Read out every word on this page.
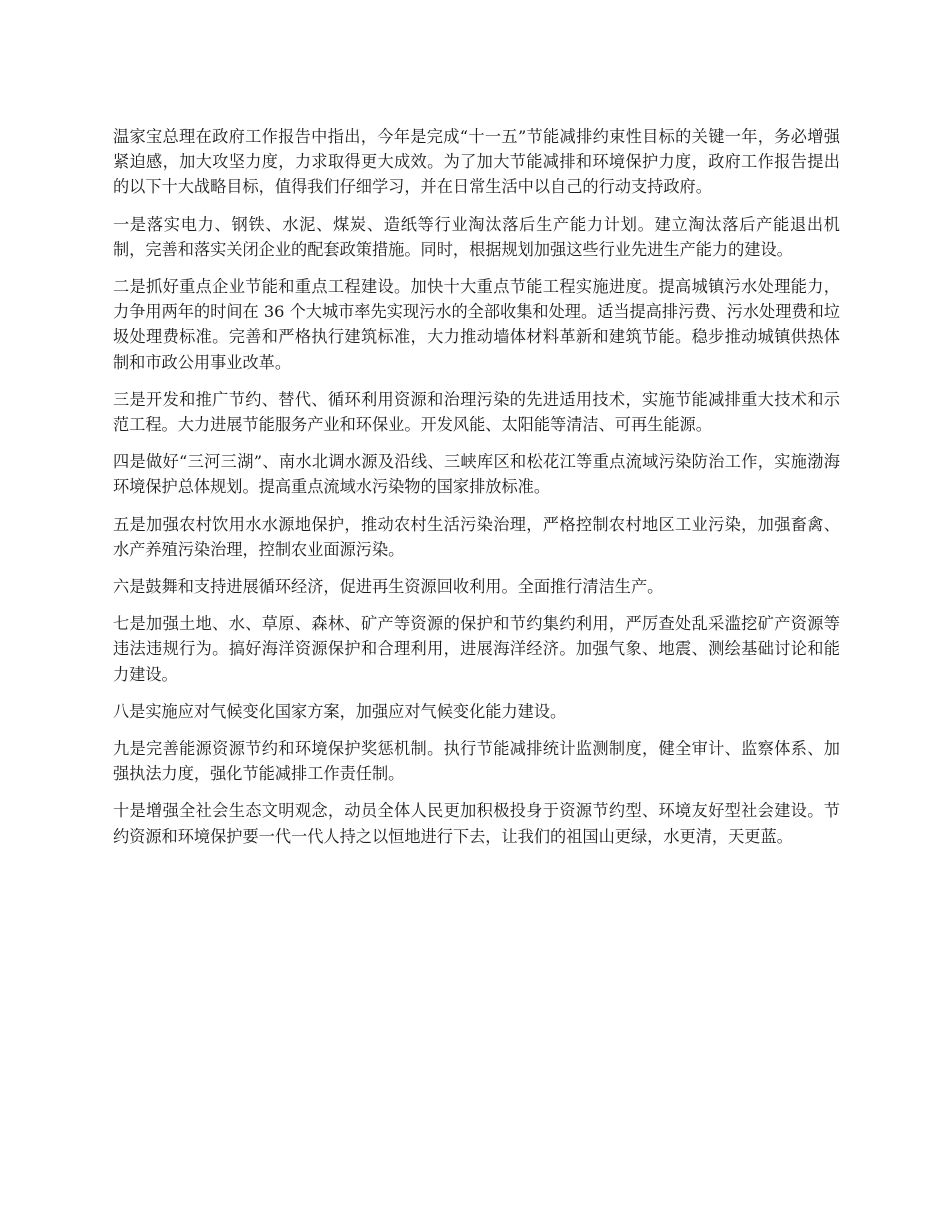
温家宝总理在政府工作报告中指出，今年是完成“十一五”节能减排约束性目标的关键一年，务必增强紧迫感，加大攻坚力度，力求取得更大成效。为了加大节能减排和环境保护力度，政府工作报告提出的以下十大战略目标，值得我们仔细学习，并在日常生活中以自己的行动支持政府。

一是落实电力、钢铁、水泥、煤炭、造纸等行业淘汰落后生产能力计划。建立淘汰落后产能退出机制，完善和落实关闭企业的配套政策措施。同时，根据规划加强这些行业先进生产能力的建设。

二是抓好重点企业节能和重点工程建设。加快十大重点节能工程实施进度。提高城镇污水处理能力，力争用两年的时间在 36 个大城市率先实现污水的全部收集和处理。适当提高排污费、污水处理费和垃圾处理费标准。完善和严格执行建筑标准，大力推动墙体材料革新和建筑节能。稳步推动城镇供热体制和市政公用事业改革。

三是开发和推广节约、替代、循环利用资源和治理污染的先进适用技术，实施节能减排重大技术和示范工程。大力进展节能服务产业和环保业。开发风能、太阳能等清洁、可再生能源。

四是做好“三河三湖”、南水北调水源及沿线、三峡库区和松花江等重点流域污染防治工作，实施渤海环境保护总体规划。提高重点流域水污染物的国家排放标准。

五是加强农村饮用水水源地保护，推动农村生活污染治理，严格控制农村地区工业污染，加强畜禽、水产养殖污染治理，控制农业面源污染。

六是鼓舞和支持进展循环经济，促进再生资源回收利用。全面推行清洁生产。

七是加强土地、水、草原、森林、矿产等资源的保护和节约集约利用，严厉查处乱采滥挖矿产资源等违法违规行为。搞好海洋资源保护和合理利用，进展海洋经济。加强气象、地震、测绘基础讨论和能力建设。

八是实施应对气候变化国家方案，加强应对气候变化能力建设。

九是完善能源资源节约和环境保护奖惩机制。执行节能减排统计监测制度，健全审计、监察体系、加强执法力度，强化节能减排工作责任制。

十是增强全社会生态文明观念，动员全体人民更加积极投身于资源节约型、环境友好型社会建设。节约资源和环境保护要一代一代人持之以恒地进行下去，让我们的祖国山更绿，水更清，天更蓝。
